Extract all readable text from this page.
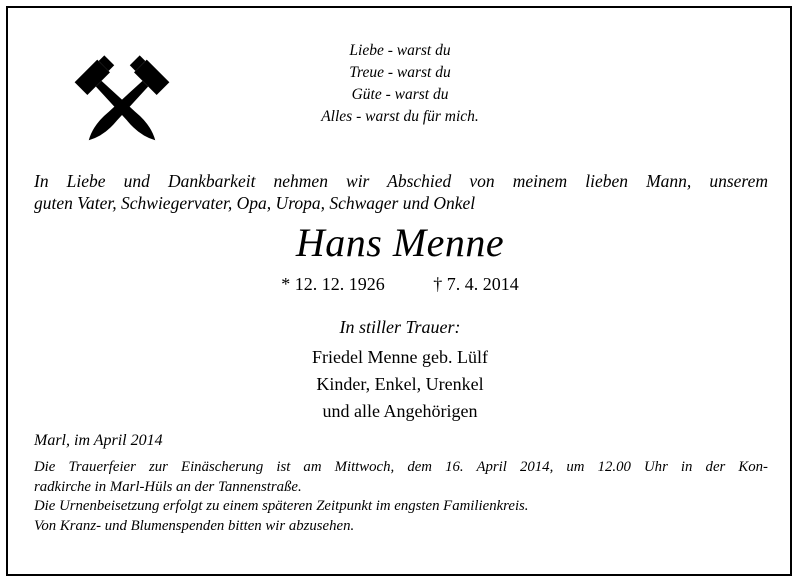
Liebe - warst du
Treue - warst du
Güte - warst du
Alles - warst du für mich.
In Liebe und Dankbarkeit nehmen wir Abschied von meinem lieben Mann, unserem
guten Vater, Schwiegervater, Opa, Uropa, Schwager und Onkel
Hans Menne
* 12. 12. 1926	† 7. 4. 2014
In stiller Trauer:
Friedel Menne geb. Lülf
Kinder, Enkel, Urenkel
und alle Angehörigen
Marl, im April 2014
Die Trauerfeier zur Einäscherung ist am Mittwoch, dem 16. April 2014, um 12.00 Uhr in der Kon-
radkirche in Marl-Hüls an der Tannenstraße.
Die Urnenbeisetzung erfolgt zu einem späteren Zeitpunkt im engsten Familienkreis.
Von Kranz- und Blumenspenden bitten wir abzusehen.
